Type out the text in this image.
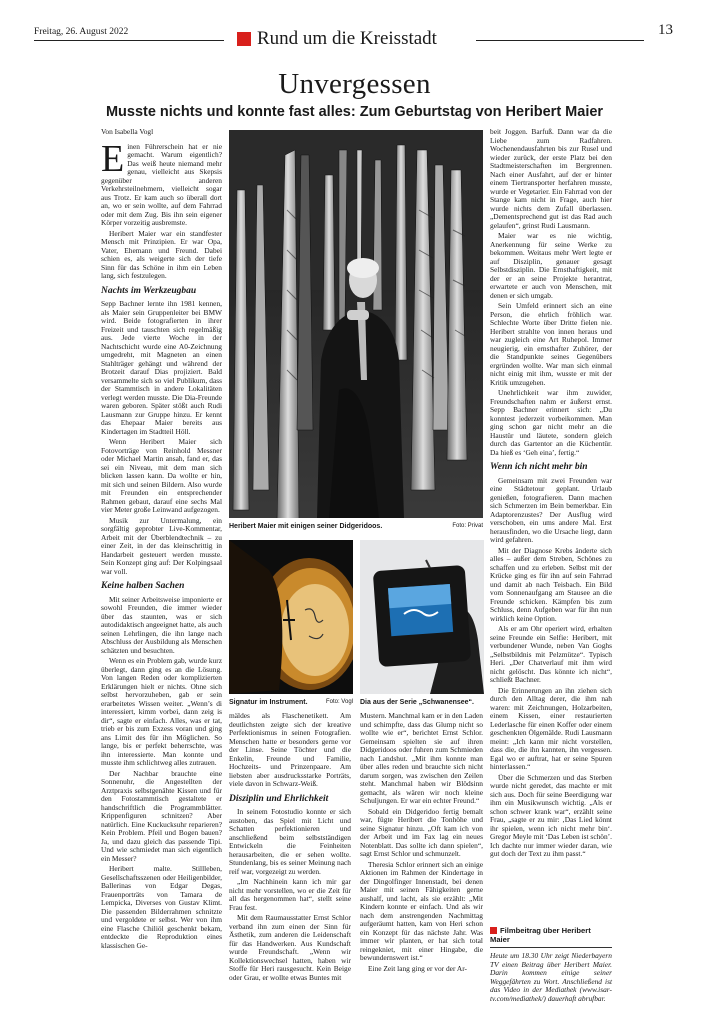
Freitag, 26. August 2022	Rund um die Kreisstadt	13
Unvergessen
Musste nichts und konnte fast alles: Zum Geburtstag von Heribert Maier
Von Isabella Vogl

Einen Führerschein hat er nie gemacht. Warum eigentlich? Das weiß heute niemand mehr genau, vielleicht aus Skepsis gegenüber anderen Verkehrsteilnehmern, vielleicht sogar aus Trotz. Er kam auch so überall dort an, wo er sein wollte, auf dem Fahrrad oder mit dem Zug. Bis ihn sein eigener Körper vorzeitig ausbremste.

Heribert Maier war ein standfester Mensch mit Prinzipien. Er war Opa, Vater, Ehemann und Freund. Dabei schien es, als weigerte sich der tiefe Sinn für das Schöne in ihm ein Leben lang, sich festzulegen.

Nachts im Werkzeugbau

Sepp Bachner lernte ihn 1981 kennen, als Maier sein Gruppenleiter bei BMW wird. Beide fotografierten in ihrer Freizeit und tauschten sich regelmäßig aus. Jede vierte Woche in der Nachtschicht wurde eine A0-Zeichnung umgedreht, mit Magneten an einen Stahlträger gehängt und während der Brotzeit darauf Dias projiziert. Bald versammelte sich so viel Publikum, dass der Stammtisch in andere Lokalitäten verlegt werden musste. Die Dia-Freunde waren geboren. Später stößt auch Rudi Lausmann zur Gruppe hinzu. Er kennt das Ehepaar Maier bereits aus Kindertagen im Stadtteil Höll.

Wenn Heribert Maier sich Fotovorträge von Reinhold Messner oder Michael Martin ansah, fand er, das sei ein Niveau, mit dem man sich blicken lassen kann. Da wollte er hin, mit sich und seinen Bildern. Also wurde mit Freunden ein entsprechender Rahmen gebaut, darauf eine sechs Mal vier Meter große Leinwand aufgezogen.

Musik zur Untermalung, ein sorgfältig geprobter Live-Kommentar, Arbeit mit der Überblendtechnik – zu einer Zeit, in der das kleinschrittig in Handarbeit gesteuert werden musste. Sein Konzept ging auf: Der Kolpingsaal war voll.

Keine halben Sachen

Mit seiner Arbeitsweise imponierte er sowohl Freunden, die immer wieder über das staunten, was er sich autodidaktisch angeeignet hatte, als auch seinen Lehrlingen, die ihn lange nach Abschluss der Ausbildung als Menschen schätzten und besuchten.

Wenn es ein Problem gab, wurde kurz überlegt, dann ging es an die Lösung. Von langen Reden oder komplizierten Erklärungen hielt er nichts. Ohne sich selbst hervorzuheben, gab er sein erarbeitetes Wissen weiter. „Wenn’s di interessiert, kimm vorbei, dann zeig is dir“, sagte er einfach. Alles, was er tat, trieb er bis zum Exzess voran und ging ans Limit des für ihn Möglichen. So lange, bis er perfekt beherrschte, was ihn interessierte. Man konnte und musste ihm schlichtweg alles zutrauen.

Der Nachbar brauchte eine Sonnenuhr, die Angestellten der Arztpraxis selbstgenähte Kissen und für den Fotostammtisch gestaltete er handschriftlich die Programmblätter. Krippenfiguren schnitzen? Aber natürlich. Eine Kuckucksuhr reparieren? Kein Problem. Pfeil und Bogen bauen? Ja, und dazu gleich das passende Tipi. Und wie schmiedet man sich eigentlich ein Messer?

Heribert malte. Stillleben, Gesellschaftsszenen oder Heiligenbilder, Ballerinas von Edgar Degas, Frauenporträts von Tamara de Lempicka, Diverses von Gustav Klimt. Die passenden Bilderrahmen schnitzte und vergoldete er selbst. Wer von ihm eine Flasche Chiliöl geschenkt bekam, entdeckte die Reproduktion eines klassischen Ge-

Foto: Privat
Heribert Maier mit einigen seiner Didgeridoos.
Foto: Vogl
Signatur im Instrument.	Dia aus der Serie „Schwanensee“.

mäldes als Flaschenetikett. Am deutlichsten zeigte sich der kreative Perfektionismus in seinen Fotografien. Menschen hatte er besonders gerne vor der Linse. Seine Töchter und die Enkelin, Freunde und Familie, Hochzeits- und Prinzenpaare. Am liebsten aber ausdrucksstarke Porträts, viele davon in Schwarz-Weiß.

Disziplin und Ehrlichkeit

In seinem Fotostudio konnte er sich austoben, das Spiel mit Licht und Schatten perfektionieren und anschließend beim selbstständigen Entwickeln die Feinheiten herausarbeiten, die er sehen wollte. Stundenlang, bis es seiner Meinung nach reif war, vorgezeigt zu werden.

„Im Nachhinein kann ich mir gar nicht mehr vorstellen, wo er die Zeit für all das hergenommen hat“, stellt seine Frau fest.

Mit dem Raumausstatter Ernst Schlor verband ihn zum einen der Sinn für Ästhetik, zum anderen die Leidenschaft für das Handwerken. Aus Kundschaft wurde Freundschaft. „Wenn wir Kollektionswechsel hatten, haben wir Stoffe für Heri rausgesucht. Kein Beige oder Grau, er wollte etwas Buntes mit

Mustern. Manchmal kam er in den Laden und schimpfte, dass das Glump nicht so wollte wie er“, berichtet Ernst Schlor. Gemeinsam spielten sie auf ihren Didgeridoos oder fuhren zum Schmieden nach Landshut. „Mit ihm konnte man über alles reden und brauchte sich nicht darum sorgen, was zwischen den Zeilen steht. Manchmal haben wir Blödsinn gemacht, als wären wir noch kleine Schuljungen. Er war ein echter Freund.“

Sobald ein Didgeridoo fertig bemalt war, fügte Heribert die Tonhöhe und seine Signatur hinzu. „Oft kam ich von der Arbeit und im Fax lag ein neues Notenblatt. Das sollte ich dann spielen“, sagt Ernst Schlor und schmunzelt.

Theresia Schlor erinnert sich an einige Aktionen im Rahmen der Kindertage in der Dingolfinger Innenstadt, bei denen Maier mit seinen Fähigkeiten gerne aushalf, und lacht, als sie erzählt: „Mit Kindern konnte er einfach. Und als wir nach dem anstrengenden Nachmittag aufgeräumt hatten, kam von Heri schon ein Konzept für das nächste Jahr. Was immer wir planten, er hat sich total reingekniet, mit einer Hingabe, die bewundernswert ist.“

Eine Zeit lang ging er vor der Ar-

beit Joggen. Barfuß. Dann war da die Liebe zum Radfahren. Wochenendausfahrten bis zur Rusel und wieder zurück, der erste Platz bei den Stadtmeisterschaften im Bergrennen. Nach einer Ausfahrt, auf der er hinter einem Tiertransporter herfahren musste, wurde er Vegetarier. Ein Fahrrad von der Stange kam nicht in Frage, auch hier wurde nichts dem Zufall überlassen. „Dementsprechend gut ist das Rad auch gelaufen“, grinst Rudi Lausmann.

Maier war es nie wichtig, Anerkennung für seine Werke zu bekommen. Weitaus mehr Wert legte er auf Disziplin, genauer gesagt Selbstdisziplin. Die Ernsthaftigkeit, mit der er an seine Projekte herantrat, erwartete er auch von Menschen, mit denen er sich umgab.

Sein Umfeld erinnert sich an eine Person, die ehrlich fröhlich war. Schlechte Worte über Dritte fielen nie. Heribert strahlte von innen heraus und war zugleich eine Art Ruhepol. Immer neugierig, ein ernsthafter Zuhörer, der die Standpunkte seines Gegenübers ergründen wollte. War man sich einmal nicht einig mit ihm, wusste er mit der Kritik umzugehen.

Unehrlichkeit war ihm zuwider, Freundschaften nahm er äußerst ernst. Sepp Bachner erinnert sich: „Du konntest jederzeit vorbeikommen. Man ging schon gar nicht mehr an die Haustür und läutete, sondern gleich durch das Gartentor an die Küchentür. Da hieß es ‘Geh eina’, fertig.“

Wenn ich nicht mehr bin

Gemeinsam mit zwei Freunden war eine Städtetour geplant. Urlaub genießen, fotografieren. Dann machen sich Schmerzen im Bein bemerkbar. Ein Adaptorenzustes? Der Ausflug wird verschoben, ein ums andere Mal. Erst herausfinden, wo die Ursache liegt, dann wird gefahren.

Mit der Diagnose Krebs änderte sich alles – außer dem Streben, Schönes zu schaffen und zu erleben. Selbst mit der Krücke ging es für ihn auf sein Fahrrad und damit ab nach Teisbach. Ein Bild vom Sonnenaufgang am Stausee an die Freunde schicken. Kämpfen bis zum Schluss, denn Aufgeben war für ihn nun wirklich keine Option.

Als er am Ohr operiert wird, erhalten seine Freunde ein Selfie: Heribert, mit verbundener Wunde, neben Van Goghs „Selbstbildnis mit Pelzmütze“. Typisch Heri. „Der Chatverlauf mit ihm wird nicht gelöscht. Das könnte ich nicht“, schließt Bachner.

Die Erinnerungen an ihn ziehen sich durch den Alltag derer, die ihm nah waren: mit Zeichnungen, Holzarbeiten, einem Kissen, einer restaurierten Lederlasche für einen Koffer oder einem geschenkten Ölgemälde. Rudi Lausmann meint: „Ich kann mir nicht vorstellen, dass die, die ihn kannten, ihn vergessen. Egal wo er auftrat, hat er seine Spuren hinterlassen.“

Über die Schmerzen und das Sterben wurde nicht geredet, das machte er mit sich aus. Doch für seine Beerdigung war ihm ein Musikwunsch wichtig. „Als er schon schwer krank war“, erzählt seine Frau, „sagte er zu mir: ‚Das Lied könnt ihr spielen, wenn ich nicht mehr bin‘. Gregor Meyle mit ‘Das Leben ist schön’. Ich dachte nur immer wieder daran, wie gut doch der Text zu ihm passt.“

Filmbeitrag über Heribert Maier
Heute um 18.30 Uhr zeigt Niederbayern TV einen Beitrag über Heribert Maier. Darin kommen einige seiner Weggefährten zu Wort. Anschließend ist das Video in der Mediathek (www.isar-tv.com/mediathek/) dauerhaft abrufbar.
